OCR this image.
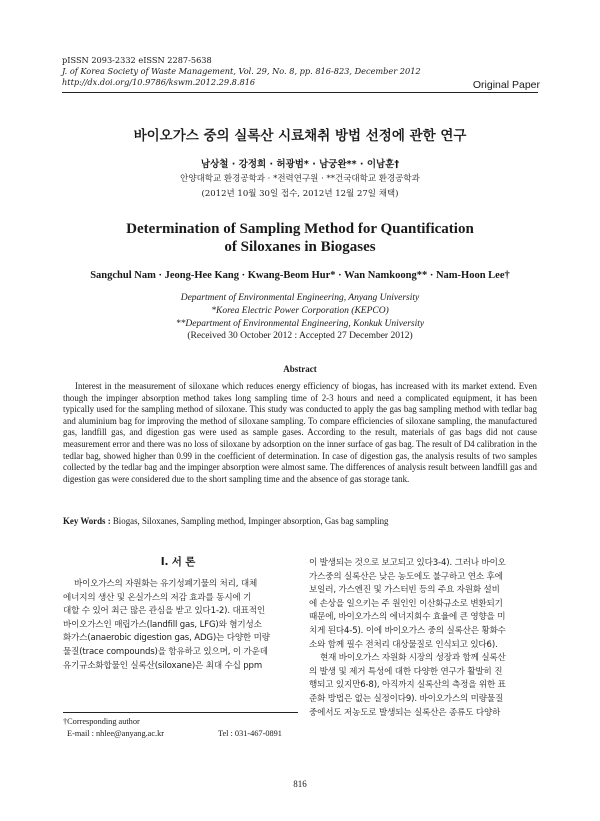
pISSN 2093-2332 eISSN 2287-5638
J. of Korea Society of Waste Management, Vol. 29, No. 8, pp. 816-823, December 2012
http://dx.doi.org/10.9786/kswm.2012.29.8.816	Original Paper
바이오가스 중의 실록산 시료채취 방법 선정에 관한 연구
남상철 · 강정희 · 허광범* · 남궁완** · 이남훈†
안양대학교 환경공학과 · *전력연구원 · **건국대학교 환경공학과
(2012년 10월 30일 접수, 2012년 12월 27일 채택)
Determination of Sampling Method for Quantification
of Siloxanes in Biogases
Sangchul Nam · Jeong-Hee Kang · Kwang-Beom Hur* · Wan Namkoong** · Nam-Hoon Lee†
Department of Environmental Engineering, Anyang University
*Korea Electric Power Corporation (KEPCO)
**Department of Environmental Engineering, Konkuk University
(Received 30 October 2012 : Accepted 27 December 2012)
Abstract
Interest in the measurement of siloxane which reduces energy efficiency of biogas, has increased with its market extend. Even though the impinger absorption method takes long sampling time of 2-3 hours and need a complicated equipment, it has been typically used for the sampling method of siloxane. This study was conducted to apply the gas bag sampling method with tedlar bag and aluminium bag for improving the method of siloxane sampling. To compare efficiencies of siloxane sampling, the manufactured gas, landfill gas, and digestion gas were used as sample gases. According to the result, materials of gas bags did not cause measurement error and there was no loss of siloxane by adsorption on the inner surface of gas bag. The result of D4 calibration in the tedlar bag, showed higher than 0.99 in the coefficient of determination. In case of digestion gas, the analysis results of two samples collected by the tedlar bag and the impinger absorption were almost same. The differences of analysis result between landfill gas and digestion gas were considered due to the short sampling time and the absence of gas storage tank.
Key Words : Biogas, Siloxanes, Sampling method, Impinger absorption, Gas bag sampling
I. 서 론
바이오가스의 자원화는 유기성폐기물의 처리, 대체
에너지의 생산 및 온실가스의 저감 효과를 동시에 기
대할 수 있어 최근 많은 관심을 받고 있다1-2). 대표적인
바이오가스인 매립가스(landfill gas, LFG)와 혐기성소
화가스(anaerobic digestion gas, ADG)는 다양한 미량
물질(trace compounds)을 함유하고 있으며, 이 가운데
유기규소화합물인 실록산(siloxane)은 최대 수십 ppm
이 발생되는 것으로 보고되고 있다3-4). 그러나 바이오
가스중의 실록산은 낮은 농도에도 불구하고 연소 후에
보일러, 가스엔진 및 가스터빈 등의 주요 자원화 설비
에 손상을 일으키는 주 원인인 이산화규소로 변환되기
때문에, 바이오가스의 에너지회수 효율에 큰 영향을 미
치게 된다4-5). 이에 바이오가스 중의 실록산은 황화수
소와 함께 필수 전처리 대상물질로 인식되고 있다6).
현재 바이오가스 자원화 시장의 성장과 함께 실록산
의 발생 및 제거 특성에 대한 다양한 연구가 활발히 진
행되고 있지만6-8), 아직까지 실록산의 측정을 위한 표
준화 방법은 없는 실정이다9). 바이오가스의 미량물질
중에서도 저농도로 발생되는 실록산은 종류도 다양하
†Corresponding author
E-mail : nhlee@anyang.ac.kr	Tel : 031-467-0891
816
